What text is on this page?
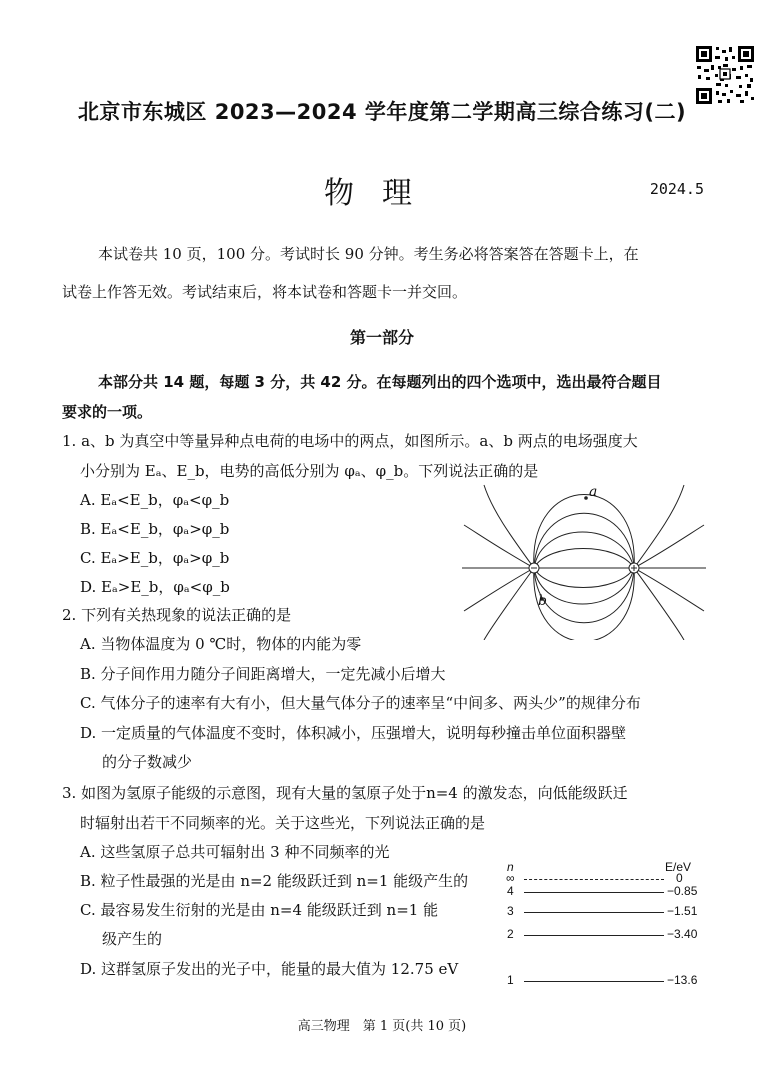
北京市东城区 2023—2024 学年度第二学期高三综合练习(二)
物理	2024.5
本试卷共 10 页，100 分。考试时长 90 分钟。考生务必将答案答在答题卡上，在
试卷上作答无效。考试结束后，将本试卷和答题卡一并交回。
第一部分
本部分共 14 题，每题 3 分，共 42 分。在每题列出的四个选项中，选出最符合题目
要求的一项。
1. a、b 为真空中等量异种点电荷的电场中的两点，如图所示。a、b 两点的电场强度大
小分别为 Eₐ、E_b，电势的高低分别为 φₐ、φ_b。下列说法正确的是
A. Eₐ<E_b，φₐ<φ_b
B. Eₐ<E_b，φₐ>φ_b
C. Eₐ>E_b，φₐ>φ_b
D. Eₐ>E_b，φₐ<φ_b
a
b
2. 下列有关热现象的说法正确的是
A. 当物体温度为 0 ℃时，物体的内能为零
B. 分子间作用力随分子间距离增大，一定先减小后增大
C. 气体分子的速率有大有小，但大量气体分子的速率呈“中间多、两头少”的规律分布
D. 一定质量的气体温度不变时，体积减小，压强增大，说明每秒撞击单位面积器壁
的分子数减少
3. 如图为氢原子能级的示意图，现有大量的氢原子处于n=4 的激发态，向低能级跃迁
时辐射出若干不同频率的光。关于这些光，下列说法正确的是
A. 这些氢原子总共可辐射出 3 种不同频率的光
B. 粒子性最强的光是由 n=2 能级跃迁到 n=1 能级产生的
C. 最容易发生衍射的光是由 n=4 能级跃迁到 n=1 能
级产生的
D. 这群氢原子发出的光子中，能量的最大值为 12.75 eV
n	E/eV
∞	0
4	−0.85
3	−1.51
2	−3.40
1	−13.6
高三物理　第 1 页(共 10 页)
